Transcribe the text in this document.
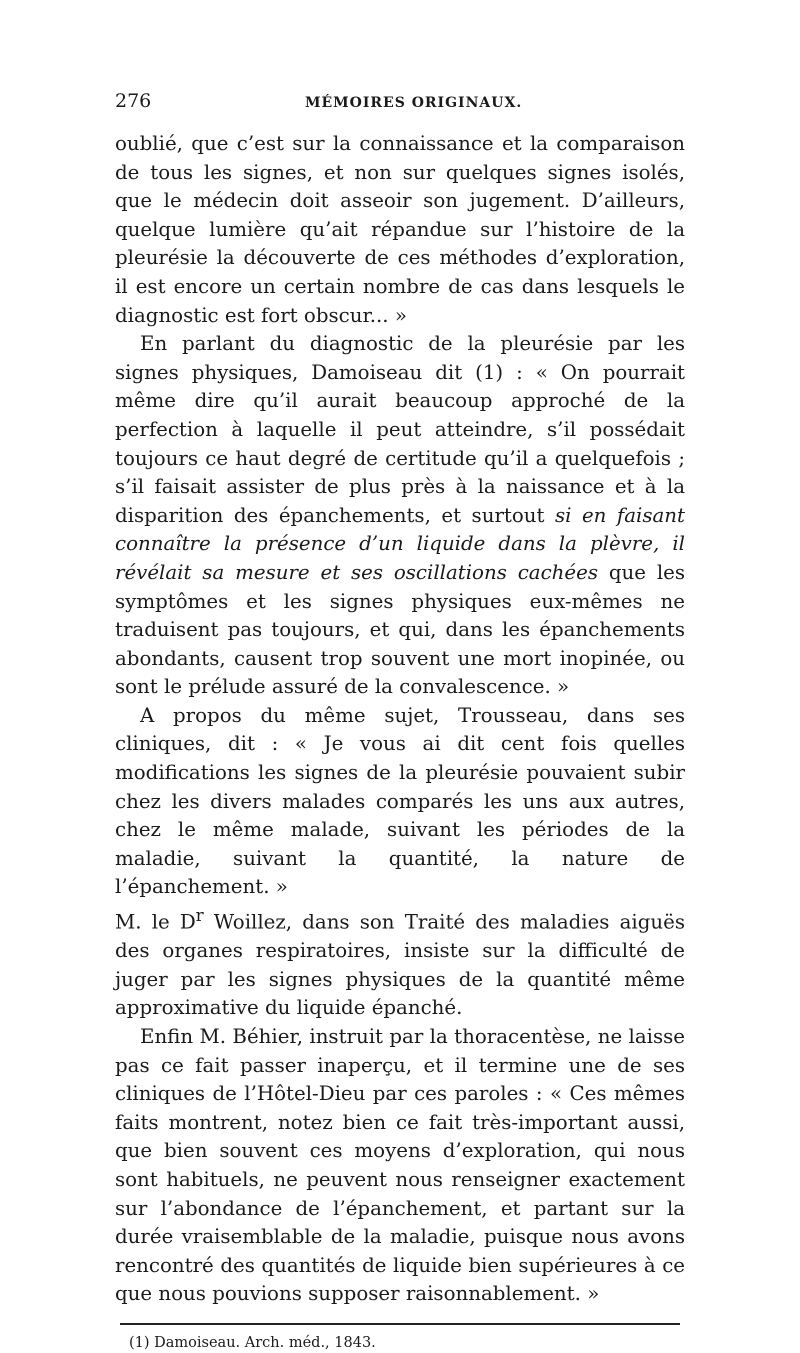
276	MÉMOIRES ORIGINAUX.

oublié, que c’est sur la connaissance et la comparaison de tous les signes, et non sur quelques signes isolés, que le médecin doit asseoir son jugement. D’ailleurs, quelque lumière qu’ait répandue sur l’histoire de la pleurésie la découverte de ces méthodes d’exploration, il est encore un certain nombre de cas dans lesquels le diagnostic est fort obscur... »

En parlant du diagnostic de la pleurésie par les signes physiques, Damoiseau dit (1) : « On pourrait même dire qu’il aurait beaucoup approché de la perfection à laquelle il peut atteindre, s’il possédait toujours ce haut degré de certitude qu’il a quelquefois ; s’il faisait assister de plus près à la naissance et à la disparition des épanchements, et surtout si en faisant connaître la présence d’un liquide dans la plèvre, il révélait sa mesure et ses oscillations cachées que les symptômes et les signes physiques eux-mêmes ne traduisent pas toujours, et qui, dans les épanchements abondants, causent trop souvent une mort inopinée, ou sont le prélude assuré de la convalescence. »

A propos du même sujet, Trousseau, dans ses cliniques, dit : « Je vous ai dit cent fois quelles modifications les signes de la pleurésie pouvaient subir chez les divers malades comparés les uns aux autres, chez le même malade, suivant les périodes de la maladie, suivant la quantité, la nature de l’épanchement. »

M. le $D^r$ Woillez, dans son Traité des maladies aiguës des organes respiratoires, insiste sur la difficulté de juger par les signes physiques de la quantité même approximative du liquide épanché.

Enfin M. Béhier, instruit par la thoracentèse, ne laisse pas ce fait passer inaperçu, et il termine une de ses cliniques de l’Hôtel-Dieu par ces paroles : « Ces mêmes faits montrent, notez bien ce fait très-important aussi, que bien souvent ces moyens d’exploration, qui nous sont habituels, ne peuvent nous renseigner exactement sur l’abondance de l’épanchement, et partant sur la durée vraisemblable de la maladie, puisque nous avons rencontré des quantités de liquide bien supérieures à ce que nous pouvions supposer raisonnablement. »

(1) Damoiseau. Arch. méd., 1843.
